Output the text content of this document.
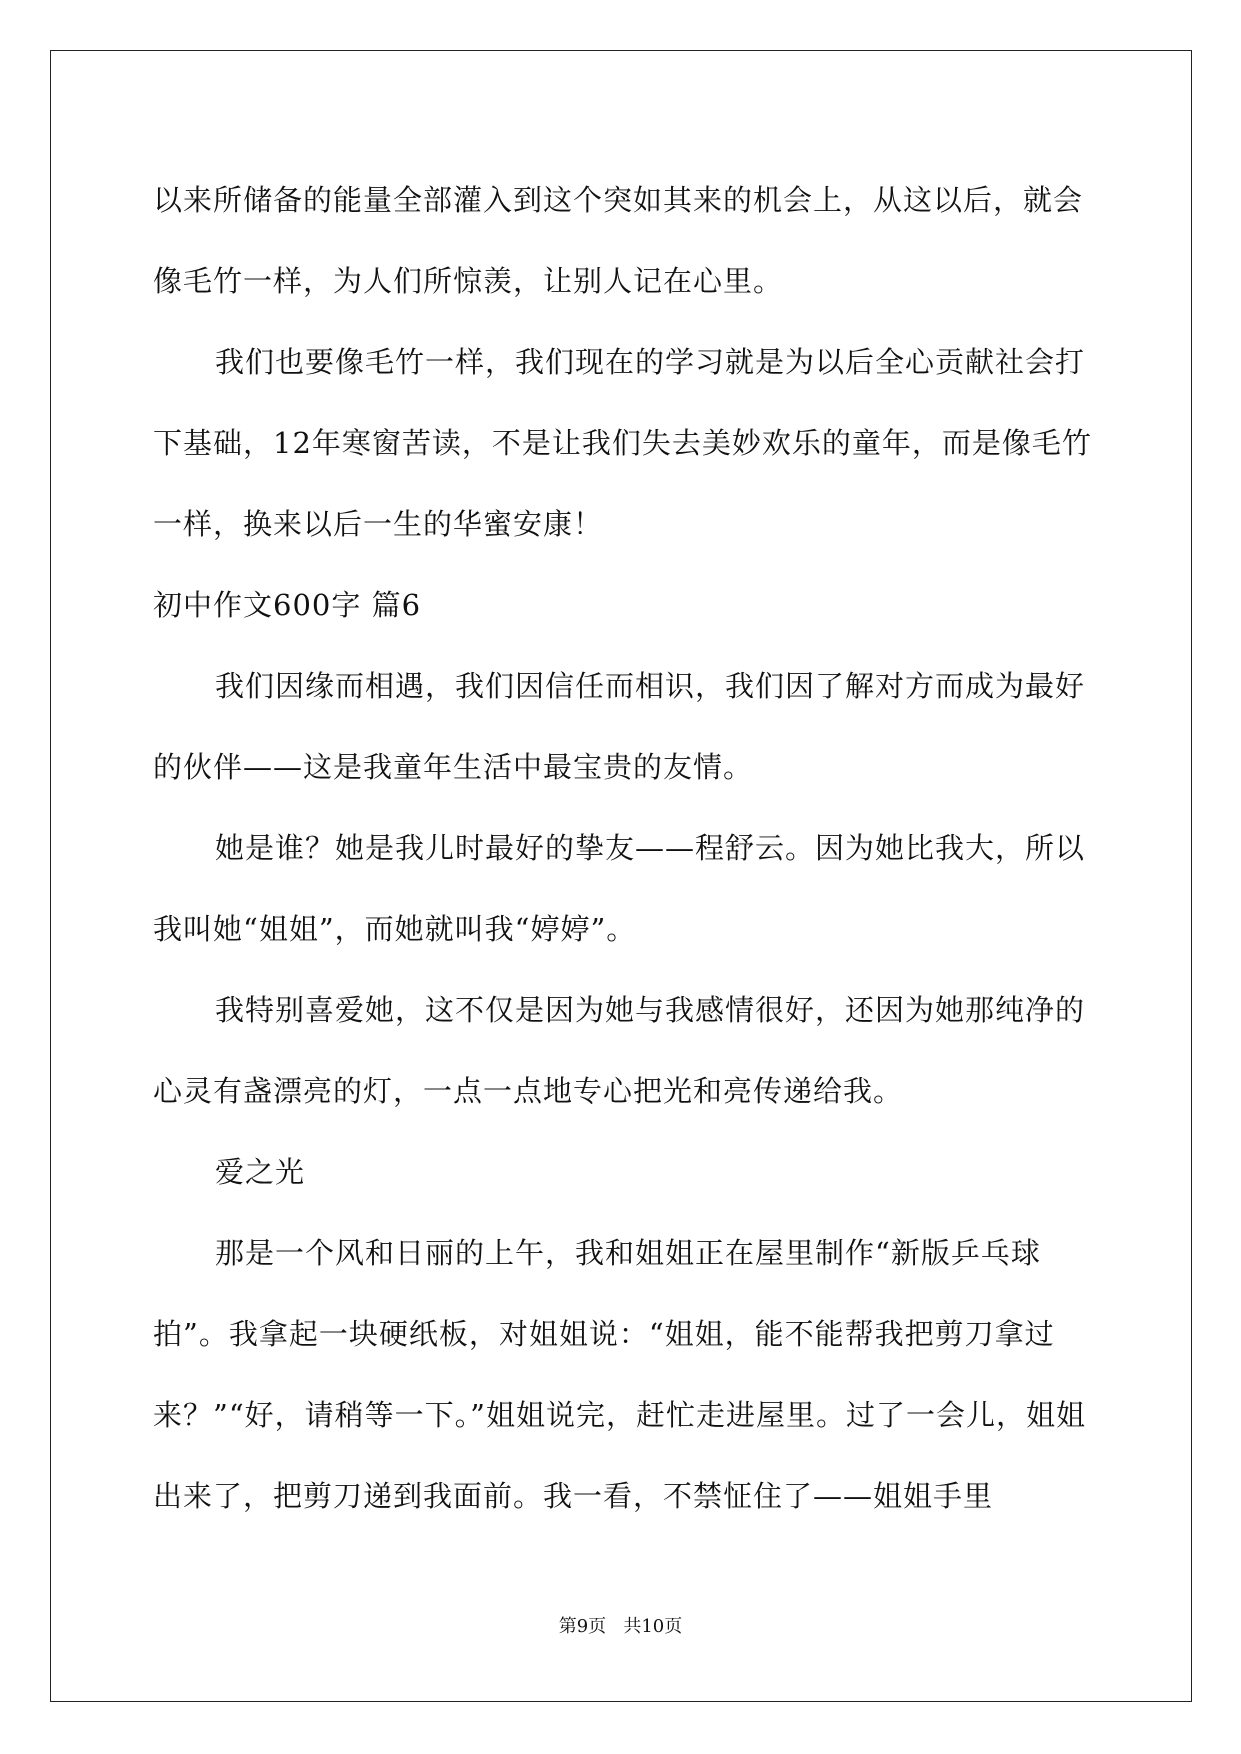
以来所储备的能量全部灌入到这个突如其来的机会上，从这以后，就会像毛竹一样，为人们所惊羡，让别人记在心里。

我们也要像毛竹一样，我们现在的学习就是为以后全心贡献社会打下基础，12年寒窗苦读，不是让我们失去美妙欢乐的童年，而是像毛竹一样，换来以后一生的华蜜安康！

初中作文600字 篇6

我们因缘而相遇，我们因信任而相识，我们因了解对方而成为最好的伙伴——这是我童年生活中最宝贵的友情。

她是谁？她是我儿时最好的挚友——程舒云。因为她比我大，所以我叫她“姐姐”，而她就叫我“婷婷”。

我特别喜爱她，这不仅是因为她与我感情很好，还因为她那纯净的心灵有盏漂亮的灯，一点一点地专心把光和亮传递给我。

爱之光

那是一个风和日丽的上午，我和姐姐正在屋里制作“新版乒乓球拍”。我拿起一块硬纸板，对姐姐说：“姐姐，能不能帮我把剪刀拿过来？”“好，请稍等一下。”姐姐说完，赶忙走进屋里。过了一会儿，姐姐出来了，把剪刀递到我面前。我一看，不禁怔住了——姐姐手里

第9页 共10页
